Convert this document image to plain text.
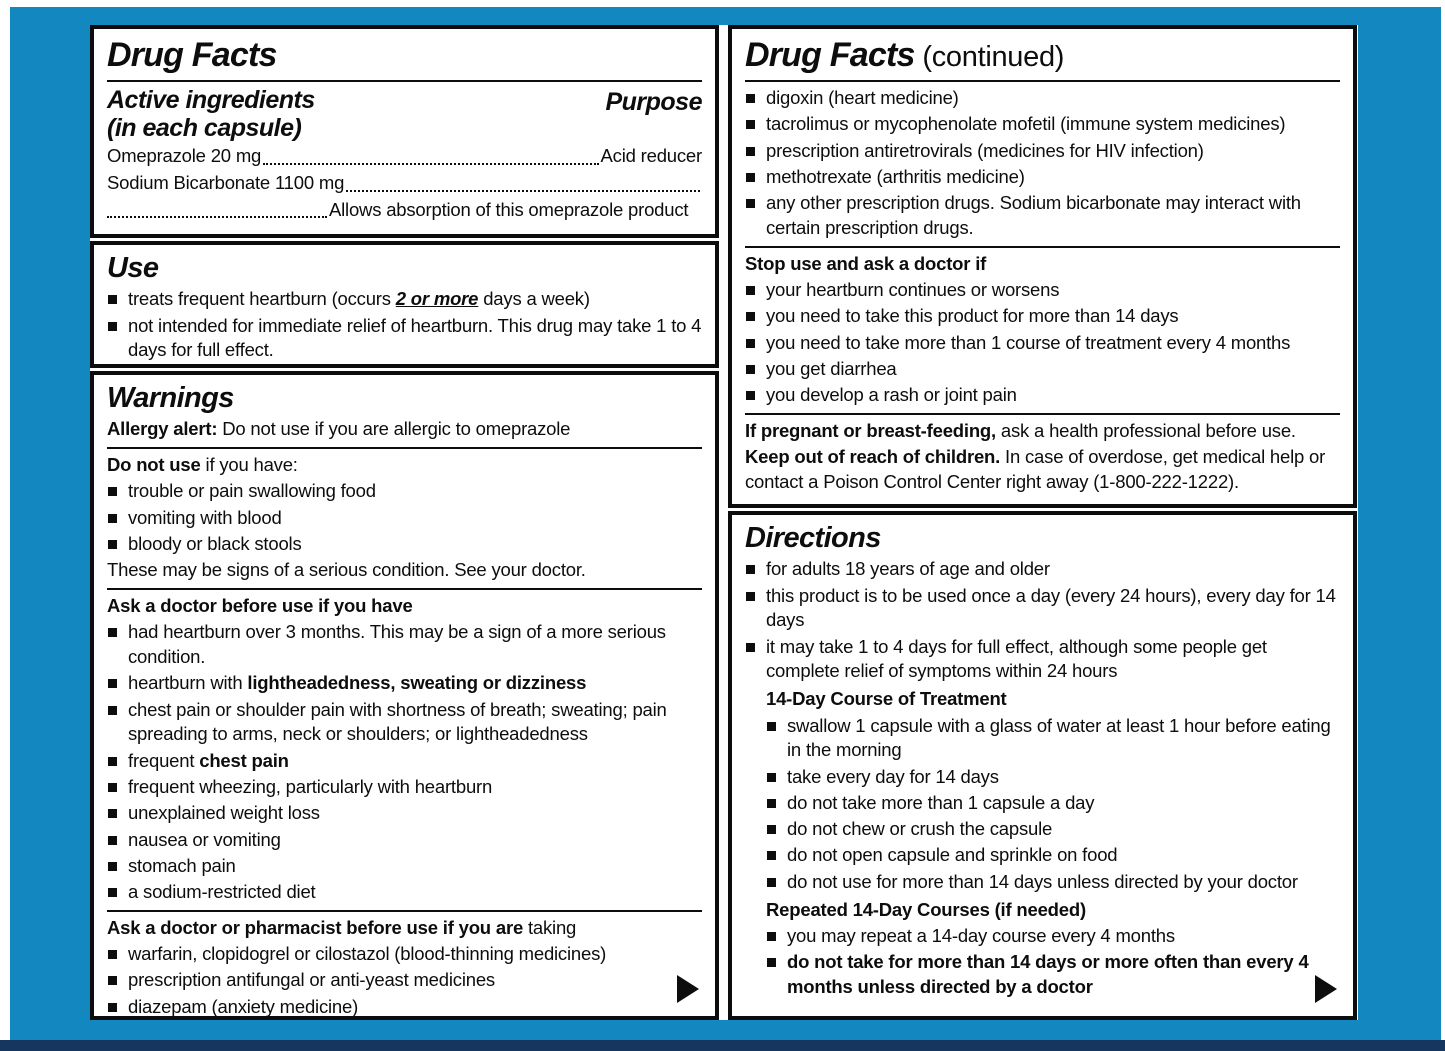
Drug Facts
Active ingredients
(in each capsule)
Purpose
Omeprazole 20 mg	Acid reducer
Sodium Bicarbonate 1100 mg
Allows absorption of this omeprazole product
Use
treats frequent heartburn (occurs 2 or more days a week)
not intended for immediate relief of heartburn. This drug may take 1 to 4 days for full effect.
Warnings
Allergy alert: Do not use if you are allergic to omeprazole
Do not use if you have:
trouble or pain swallowing food
vomiting with blood
bloody or black stools
These may be signs of a serious condition. See your doctor.
Ask a doctor before use if you have
had heartburn over 3 months. This may be a sign of a more serious condition.
heartburn with lightheadedness, sweating or dizziness
chest pain or shoulder pain with shortness of breath; sweating; pain spreading to arms, neck or shoulders; or lightheadedness
frequent chest pain
frequent wheezing, particularly with heartburn
unexplained weight loss
nausea or vomiting
stomach pain
a sodium-restricted diet
Ask a doctor or pharmacist before use if you are taking
warfarin, clopidogrel or cilostazol (blood-thinning medicines)
prescription antifungal or anti-yeast medicines
diazepam (anxiety medicine)
Drug Facts (continued)
digoxin (heart medicine)
tacrolimus or mycophenolate mofetil (immune system medicines)
prescription antiretrovirals (medicines for HIV infection)
methotrexate (arthritis medicine)
any other prescription drugs. Sodium bicarbonate may interact with certain prescription drugs.
Stop use and ask a doctor if
your heartburn continues or worsens
you need to take this product for more than 14 days
you need to take more than 1 course of treatment every 4 months
you get diarrhea
you develop a rash or joint pain
If pregnant or breast-feeding, ask a health professional before use.
Keep out of reach of children. In case of overdose, get medical help or contact a Poison Control Center right away (1-800-222-1222).
Directions
for adults 18 years of age and older
this product is to be used once a day (every 24 hours), every day for 14 days
it may take 1 to 4 days for full effect, although some people get complete relief of symptoms within 24 hours
14-Day Course of Treatment
swallow 1 capsule with a glass of water at least 1 hour before eating in the morning
take every day for 14 days
do not take more than 1 capsule a day
do not chew or crush the capsule
do not open capsule and sprinkle on food
do not use for more than 14 days unless directed by your doctor
Repeated 14-Day Courses (if needed)
you may repeat a 14-day course every 4 months
do not take for more than 14 days or more often than every 4 months unless directed by a doctor
